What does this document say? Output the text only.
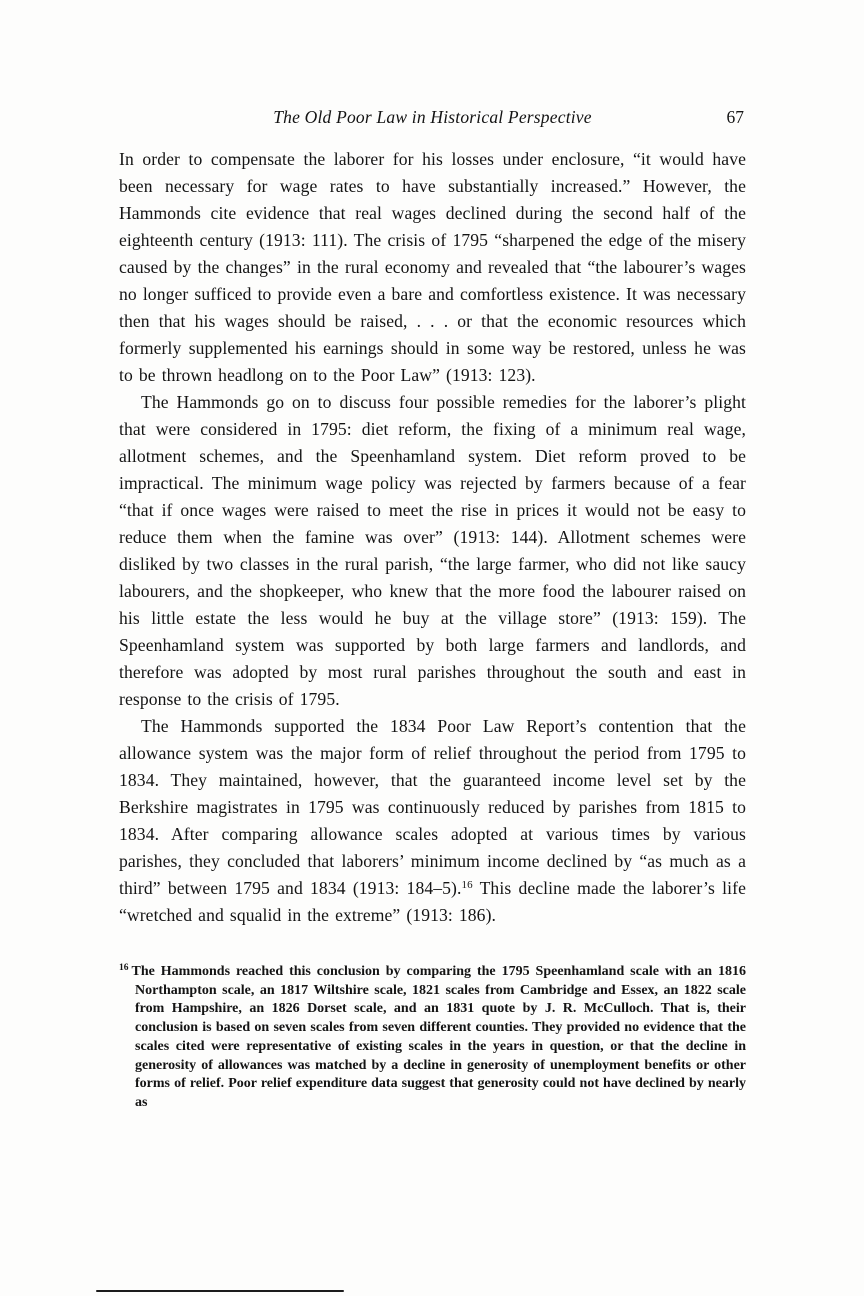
The Old Poor Law in Historical Perspective	67

In order to compensate the laborer for his losses under enclosure, “it would have been necessary for wage rates to have substantially increased.” However, the Hammonds cite evidence that real wages declined during the second half of the eighteenth century (1913: 111). The crisis of 1795 “sharpened the edge of the misery caused by the changes” in the rural economy and revealed that “the labourer’s wages no longer sufficed to provide even a bare and comfortless existence. It was necessary then that his wages should be raised, . . . or that the economic resources which formerly supplemented his earnings should in some way be restored, unless he was to be thrown headlong on to the Poor Law” (1913: 123).

The Hammonds go on to discuss four possible remedies for the laborer’s plight that were considered in 1795: diet reform, the fixing of a minimum real wage, allotment schemes, and the Speenhamland system. Diet reform proved to be impractical. The minimum wage policy was rejected by farmers because of a fear “that if once wages were raised to meet the rise in prices it would not be easy to reduce them when the famine was over” (1913: 144). Allotment schemes were disliked by two classes in the rural parish, “the large farmer, who did not like saucy labourers, and the shopkeeper, who knew that the more food the labourer raised on his little estate the less would he buy at the village store” (1913: 159). The Speenhamland system was supported by both large farmers and landlords, and therefore was adopted by most rural parishes throughout the south and east in response to the crisis of 1795.

The Hammonds supported the 1834 Poor Law Report’s contention that the allowance system was the major form of relief throughout the period from 1795 to 1834. They maintained, however, that the guaranteed income level set by the Berkshire magistrates in 1795 was continuously reduced by parishes from 1815 to 1834. After comparing allowance scales adopted at various times by various parishes, they concluded that laborers’ minimum income declined by “as much as a third” between 1795 and 1834 (1913: 184–5).$^{16}$ This decline made the laborer’s life “wretched and squalid in the extreme” (1913: 186).

$^{16}$ The Hammonds reached this conclusion by comparing the 1795 Speenhamland scale with an 1816 Northampton scale, an 1817 Wiltshire scale, 1821 scales from Cambridge and Essex, an 1822 scale from Hampshire, an 1826 Dorset scale, and an 1831 quote by J. R. McCulloch. That is, their conclusion is based on seven scales from seven different counties. They provided no evidence that the scales cited were representative of existing scales in the years in question, or that the decline in generosity of allowances was matched by a decline in generosity of unemployment benefits or other forms of relief. Poor relief expenditure data suggest that generosity could not have declined by nearly as
